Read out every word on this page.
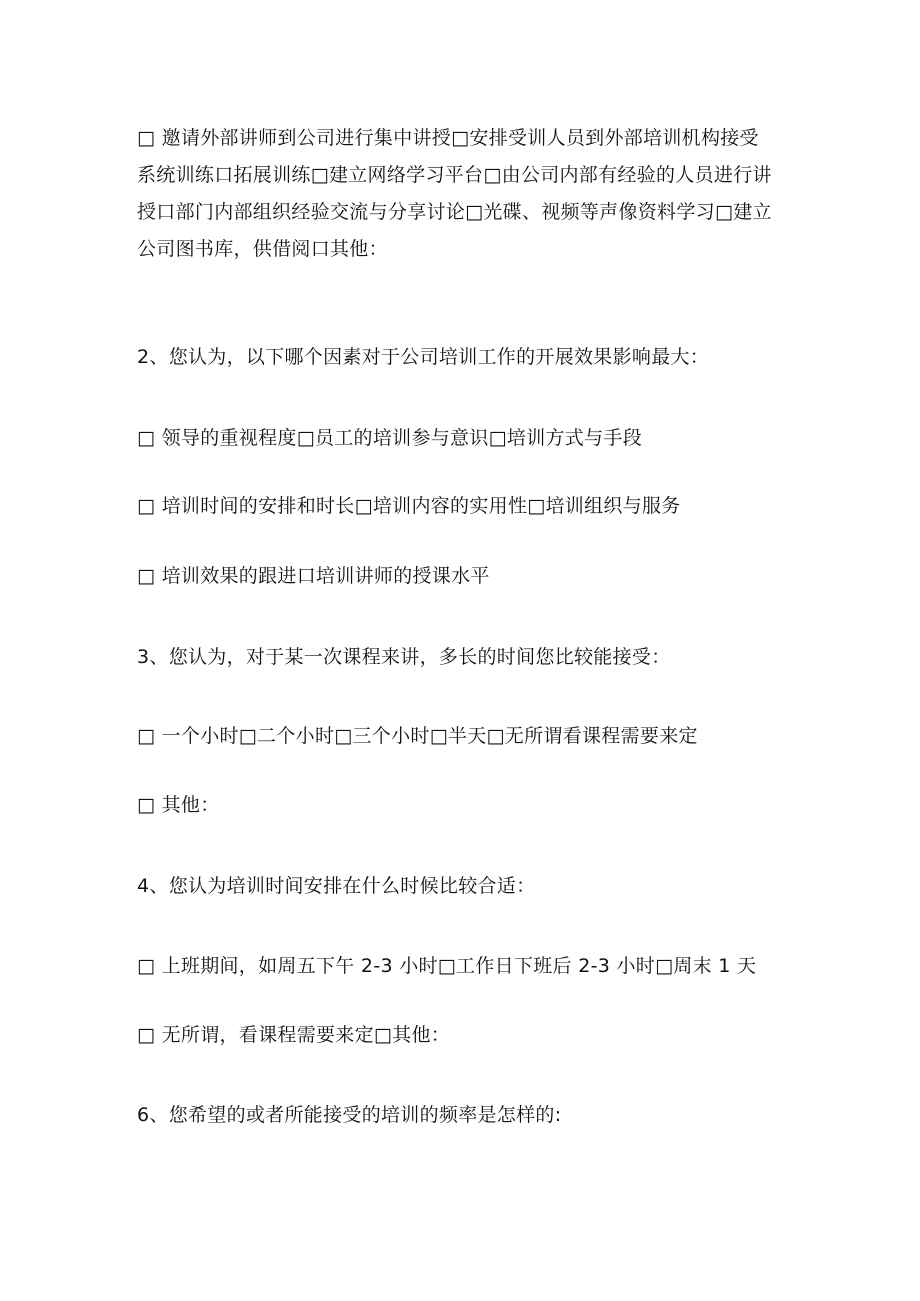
□ 邀请外部讲师到公司进行集中讲授□安排受训人员到外部培训机构接受
系统训练口拓展训练□建立网络学习平台□由公司内部有经验的人员进行讲
授口部门内部组织经验交流与分享讨论□光碟、视频等声像资料学习□建立
公司图书库，供借阅口其他：
2、您认为，以下哪个因素对于公司培训工作的开展效果影响最大：
□ 领导的重视程度□员工的培训参与意识□培训方式与手段
□ 培训时间的安排和时长□培训内容的实用性□培训组织与服务
□ 培训效果的跟进口培训讲师的授课水平
3、您认为，对于某一次课程来讲，多长的时间您比较能接受：
□ 一个小时□二个小时□三个小时□半天□无所谓看课程需要来定
□ 其他：
4、您认为培训时间安排在什么时候比较合适：
□ 上班期间，如周五下午 2-3 小时□工作日下班后 2-3 小时□周末 1 天
□ 无所谓，看课程需要来定□其他：
6、您希望的或者所能接受的培训的频率是怎样的:
